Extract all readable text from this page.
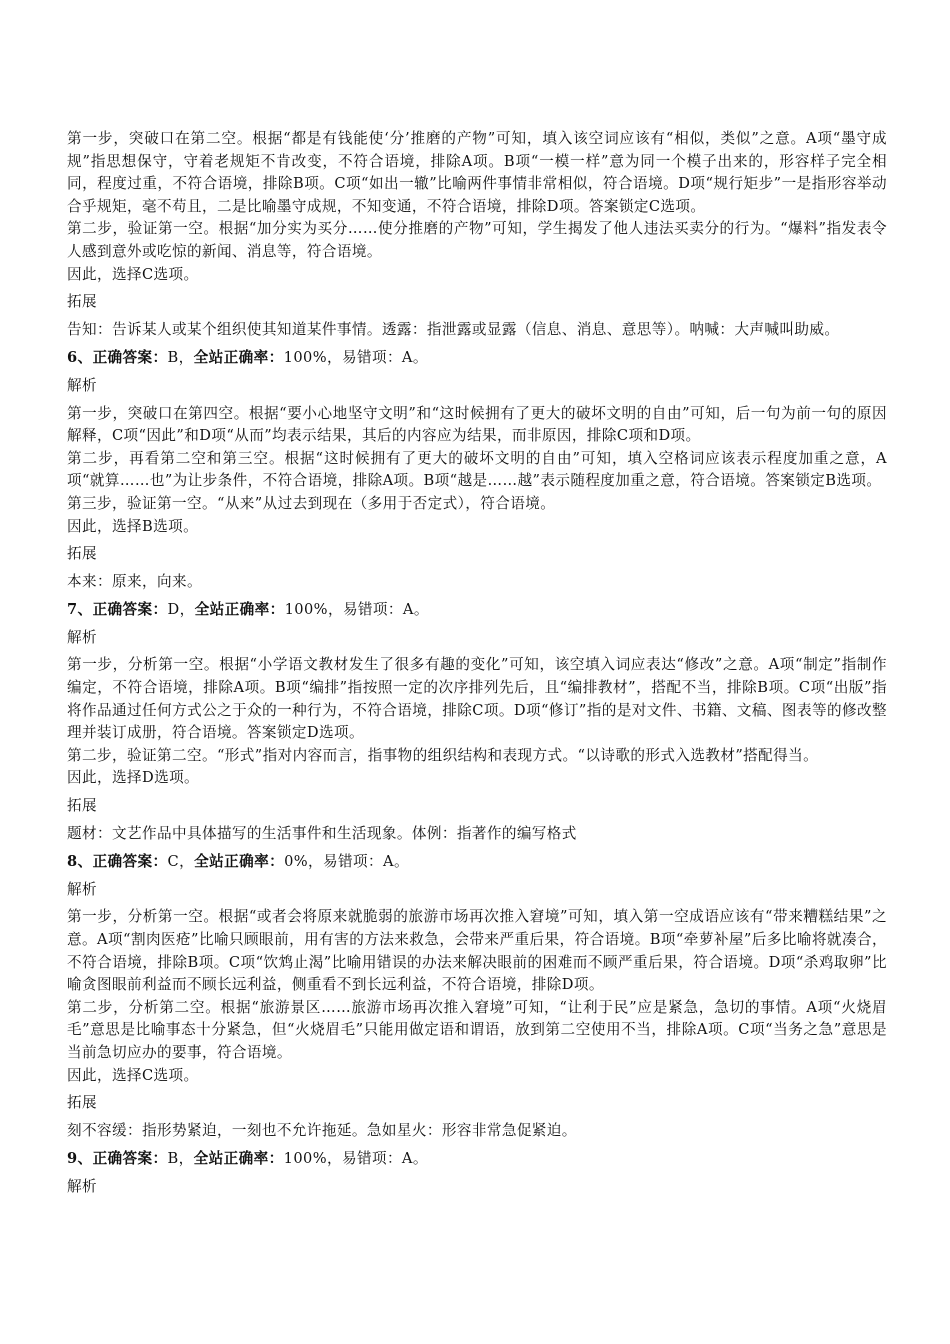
第一步，突破口在第二空。根据“都是有钱能使‘分’推磨的产物”可知，填入该空词应该有“相似，类似”之意。A项“墨守成规”指思想保守，守着老规矩不肯改变，不符合语境，排除A项。B项“一模一样”意为同一个模子出来的，形容样子完全相同，程度过重，不符合语境，排除B项。C项“如出一辙”比喻两件事情非常相似，符合语境。D项“规行矩步”一是指形容举动合乎规矩，毫不苟且，二是比喻墨守成规，不知变通，不符合语境，排除D项。答案锁定C选项。

第二步，验证第一空。根据“加分实为买分……使分推磨的产物”可知，学生揭发了他人违法买卖分的行为。“爆料”指发表令人感到意外或吃惊的新闻、消息等，符合语境。

因此，选择C选项。

拓展

告知：告诉某人或某个组织使其知道某件事情。透露：指泄露或显露（信息、消息、意思等）。呐喊：大声喊叫助威。

6、正确答案：B，全站正确率：100%，易错项：A。

解析

第一步，突破口在第四空。根据“要小心地坚守文明”和“这时候拥有了更大的破坏文明的自由”可知，后一句为前一句的原因解释，C项“因此”和D项“从而”均表示结果，其后的内容应为结果，而非原因，排除C项和D项。

第二步，再看第二空和第三空。根据“这时候拥有了更大的破坏文明的自由”可知，填入空格词应该表示程度加重之意，A项“就算……也”为让步条件，不符合语境，排除A项。B项“越是……越”表示随程度加重之意，符合语境。答案锁定B选项。

第三步，验证第一空。“从来”从过去到现在（多用于否定式），符合语境。

因此，选择B选项。

拓展

本来：原来，向来。

7、正确答案：D，全站正确率：100%，易错项：A。

解析

第一步，分析第一空。根据“小学语文教材发生了很多有趣的变化”可知，该空填入词应表达“修改”之意。A项“制定”指制作编定，不符合语境，排除A项。B项“编排”指按照一定的次序排列先后，且“编排教材”，搭配不当，排除B项。C项“出版”指将作品通过任何方式公之于众的一种行为，不符合语境，排除C项。D项“修订”指的是对文件、书籍、文稿、图表等的修改整理并装订成册，符合语境。答案锁定D选项。

第二步，验证第二空。“形式”指对内容而言，指事物的组织结构和表现方式。“以诗歌的形式入选教材”搭配得当。

因此，选择D选项。

拓展

题材：文艺作品中具体描写的生活事件和生活现象。体例：指著作的编写格式

8、正确答案：C，全站正确率：0%，易错项：A。

解析

第一步，分析第一空。根据“或者会将原来就脆弱的旅游市场再次推入窘境”可知，填入第一空成语应该有“带来糟糕结果”之意。A项“割肉医疮”比喻只顾眼前，用有害的方法来救急，会带来严重后果，符合语境。B项“牵萝补屋”后多比喻将就凑合，不符合语境，排除B项。C项“饮鸩止渴”比喻用错误的办法来解决眼前的困难而不顾严重后果，符合语境。D项“杀鸡取卵”比喻贪图眼前利益而不顾长远利益，侧重看不到长远利益，不符合语境，排除D项。

第二步，分析第二空。根据“旅游景区……旅游市场再次推入窘境”可知，“让利于民”应是紧急，急切的事情。A项“火烧眉毛”意思是比喻事态十分紧急，但“火烧眉毛”只能用做定语和谓语，放到第二空使用不当，排除A项。C项“当务之急”意思是当前急切应办的要事，符合语境。

因此，选择C选项。

拓展

刻不容缓：指形势紧迫，一刻也不允许拖延。急如星火：形容非常急促紧迫。

9、正确答案：B，全站正确率：100%，易错项：A。

解析
